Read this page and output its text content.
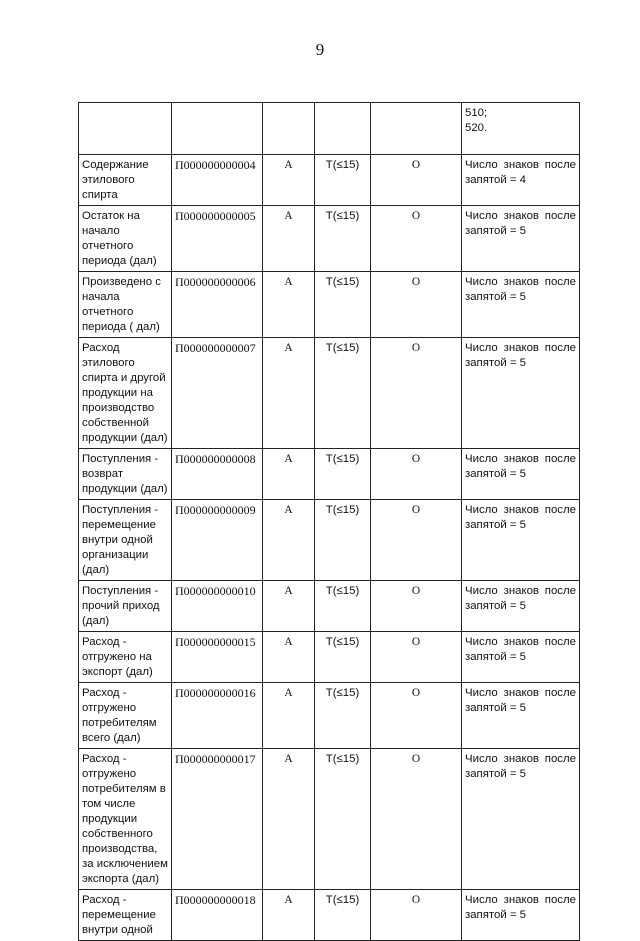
9

					510;
520.

Содержание этилового спирта	П000000000004	А	Т(≤15)	О	Число знаков после запятой = 4
Остаток на начало отчетного периода (дал)	П000000000005	А	Т(≤15)	О	Число знаков после запятой = 5
Произведено с начала отчетного периода ( дал)	П000000000006	А	Т(≤15)	О	Число знаков после запятой = 5
Расход этилового спирта и другой продукции на производство собственной продукции (дал)	П000000000007	А	Т(≤15)	О	Число знаков после запятой = 5
Поступления - возврат продукции (дал)	П000000000008	А	Т(≤15)	О	Число знаков после запятой = 5
Поступления - перемещение внутри одной организации (дал)	П000000000009	А	Т(≤15)	О	Число знаков после запятой = 5
Поступления - прочий приход (дал)	П000000000010	А	Т(≤15)	О	Число знаков после запятой = 5
Расход - отгружено на экспорт (дал)	П000000000015	А	Т(≤15)	О	Число знаков после запятой = 5
Расход - отгружено потребителям всего (дал)	П000000000016	А	Т(≤15)	О	Число знаков после запятой = 5
Расход - отгружено потребителям в том числе продукции собственного производства, за исключением экспорта (дал)	П000000000017	А	Т(≤15)	О	Число знаков после запятой = 5
Расход - перемещение внутри одной	П000000000018	А	Т(≤15)	О	Число знаков после запятой = 5
